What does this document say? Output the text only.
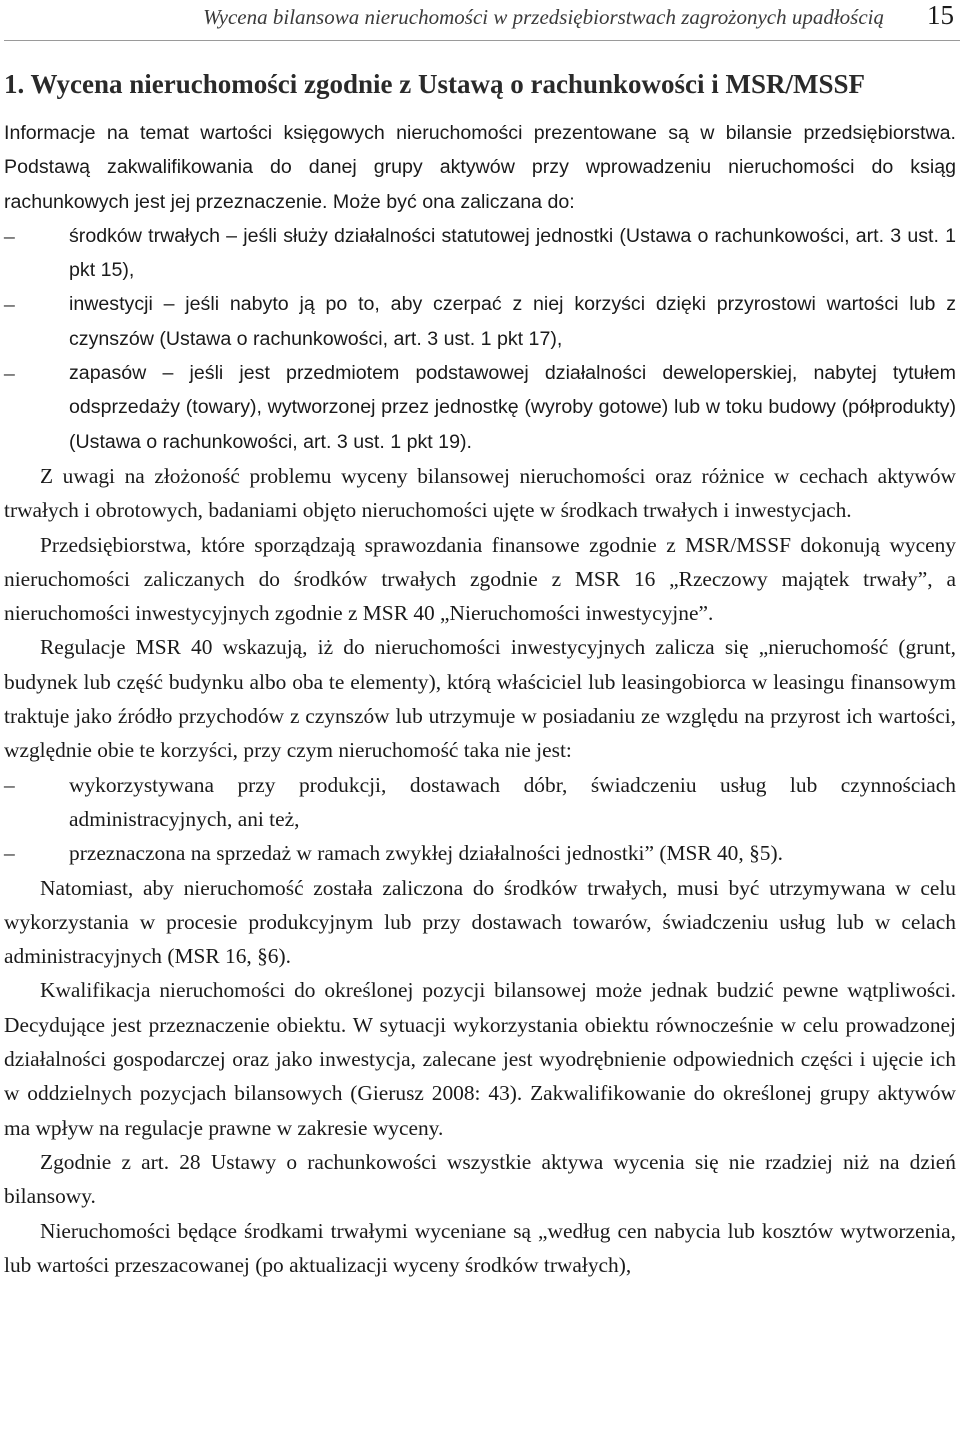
Wycena bilansowa nieruchomości w przedsiębiorstwach zagrożonych upadłością 15
1. Wycena nieruchomości zgodnie z Ustawą o rachunkowości i MSR/MSSF

Informacje na temat wartości księgowych nieruchomości prezentowane są w bilansie przedsiębiorstwa. Podstawą zakwalifikowania do danej grupy aktywów przy wprowadzeniu nieruchomości do ksiąg rachunkowych jest jej przeznaczenie. Może być ona zaliczana do:

–	środków trwałych – jeśli służy działalności statutowej jednostki (Ustawa o rachunkowości, art. 3 ust. 1 pkt 15),
–	inwestycji – jeśli nabyto ją po to, aby czerpać z niej korzyści dzięki przyrostowi wartości lub z czynszów (Ustawa o rachunkowości, art. 3 ust. 1 pkt 17),
–	zapasów – jeśli jest przedmiotem podstawowej działalności deweloperskiej, nabytej tytułem odsprzedaży (towary), wytworzonej przez jednostkę (wyroby gotowe) lub w toku budowy (półprodukty) (Ustawa o rachunkowości, art. 3 ust. 1 pkt 19).

Z uwagi na złożoność problemu wyceny bilansowej nieruchomości oraz różnice w cechach aktywów trwałych i obrotowych, badaniami objęto nieruchomości ujęte w środkach trwałych i inwestycjach.

Przedsiębiorstwa, które sporządzają sprawozdania finansowe zgodnie z MSR/MSSF dokonują wyceny nieruchomości zaliczanych do środków trwałych zgodnie z MSR 16 „Rzeczowy majątek trwały”, a nieruchomości inwestycyjnych zgodnie z MSR 40 „Nieruchomości inwestycyjne”.

Regulacje MSR 40 wskazują, iż do nieruchomości inwestycyjnych zalicza się „nieruchomość (grunt, budynek lub część budynku albo oba te elementy), którą właściciel lub leasingobiorca w leasingu finansowym traktuje jako źródło przychodów z czynszów lub utrzymuje w posiadaniu ze względu na przyrost ich wartości, względnie obie te korzyści, przy czym nieruchomość taka nie jest:

–	wykorzystywana przy produkcji, dostawach dóbr, świadczeniu usług lub czynnościach administracyjnych, ani też,
–	przeznaczona na sprzedaż w ramach zwykłej działalności jednostki” (MSR 40, §5).

Natomiast, aby nieruchomość została zaliczona do środków trwałych, musi być utrzymywana w celu wykorzystania w procesie produkcyjnym lub przy dostawach towarów, świadczeniu usług lub w celach administracyjnych (MSR 16, §6).

Kwalifikacja nieruchomości do określonej pozycji bilansowej może jednak budzić pewne wątpliwości. Decydujące jest przeznaczenie obiektu. W sytuacji wykorzystania obiektu równocześnie w celu prowadzonej działalności gospodarczej oraz jako inwestycja, zalecane jest wyodrębnienie odpowiednich części i ujęcie ich w oddzielnych pozycjach bilansowych (Gierusz 2008: 43). Zakwalifikowanie do określonej grupy aktywów ma wpływ na regulacje prawne w zakresie wyceny.

Zgodnie z art. 28 Ustawy o rachunkowości wszystkie aktywa wycenia się nie rzadziej niż na dzień bilansowy.

Nieruchomości będące środkami trwałymi wyceniane są „według cen nabycia lub kosztów wytworzenia, lub wartości przeszacowanej (po aktualizacji wyceny środków trwałych),
